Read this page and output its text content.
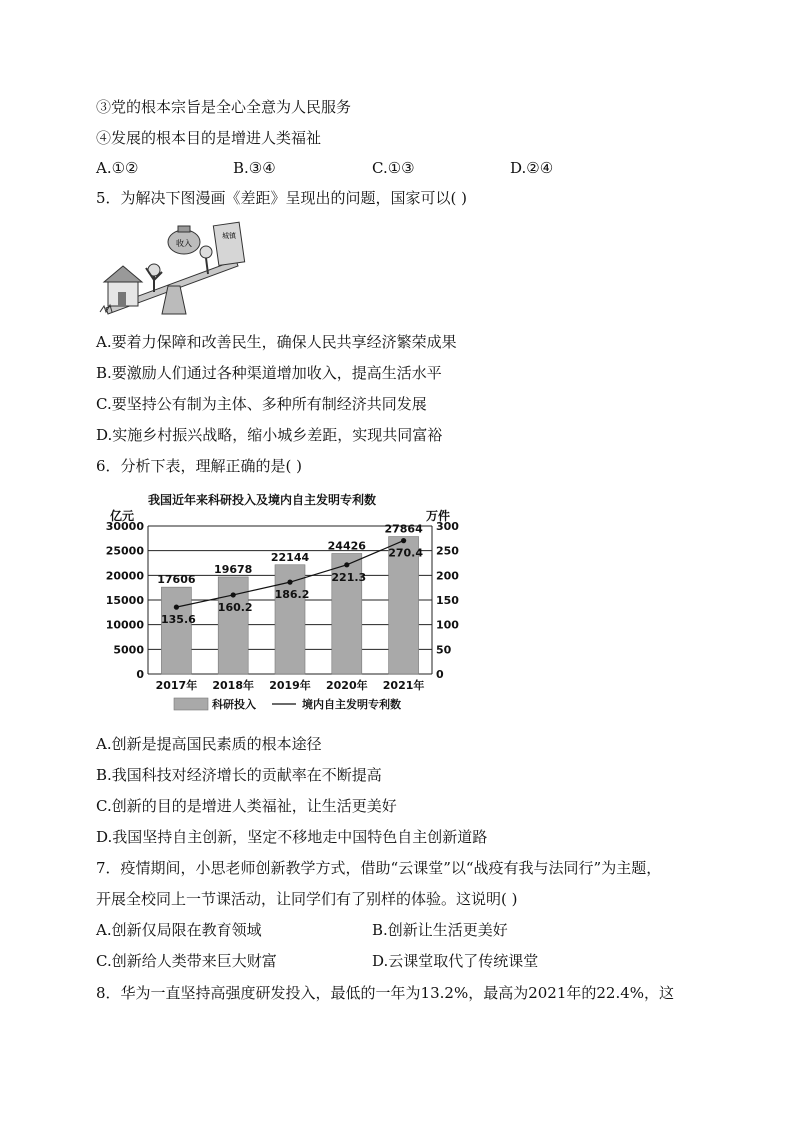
③党的根本宗旨是全心全意为人民服务
④发展的根本目的是增进人类福祉
A.①②	B.③④	C.①③	D.②④
5．为解决下图漫画《差距》呈现出的问题，国家可以( )
收入
城镇
A.要着力保障和改善民生，确保人民共享经济繁荣成果
B.要激励人们通过各种渠道增加收入，提高生活水平
C.要坚持公有制为主体、多种所有制经济共同发展
D.实施乡村振兴战略，缩小城乡差距，实现共同富裕
6．分析下表，理解正确的是( )
我国近年来科研投入及境内自主发明专利数
亿元	万件
17606
19678
22144
24426
27864
135.6
160.2
186.2
221.3
270.4
0
5000
10000
15000
20000
25000
30000
0
50
100
150
200
250
300
2017年 2018年 2019年 2020年 2021年
科研投入	境内自主发明专利数
A.创新是提高国民素质的根本途径
B.我国科技对经济增长的贡献率在不断提高
C.创新的目的是增进人类福祉，让生活更美好
D.我国坚持自主创新，坚定不移地走中国特色自主创新道路
7．疫情期间，小思老师创新教学方式，借助“云课堂”以“战疫有我与法同行”为主题，
开展全校同上一节课活动，让同学们有了别样的体验。这说明( )
A.创新仅局限在教育领域	B.创新让生活更美好
C.创新给人类带来巨大财富	D.云课堂取代了传统课堂
8．华为一直坚持高强度研发投入，最低的一年为13.2%，最高为2021年的22.4%，这
